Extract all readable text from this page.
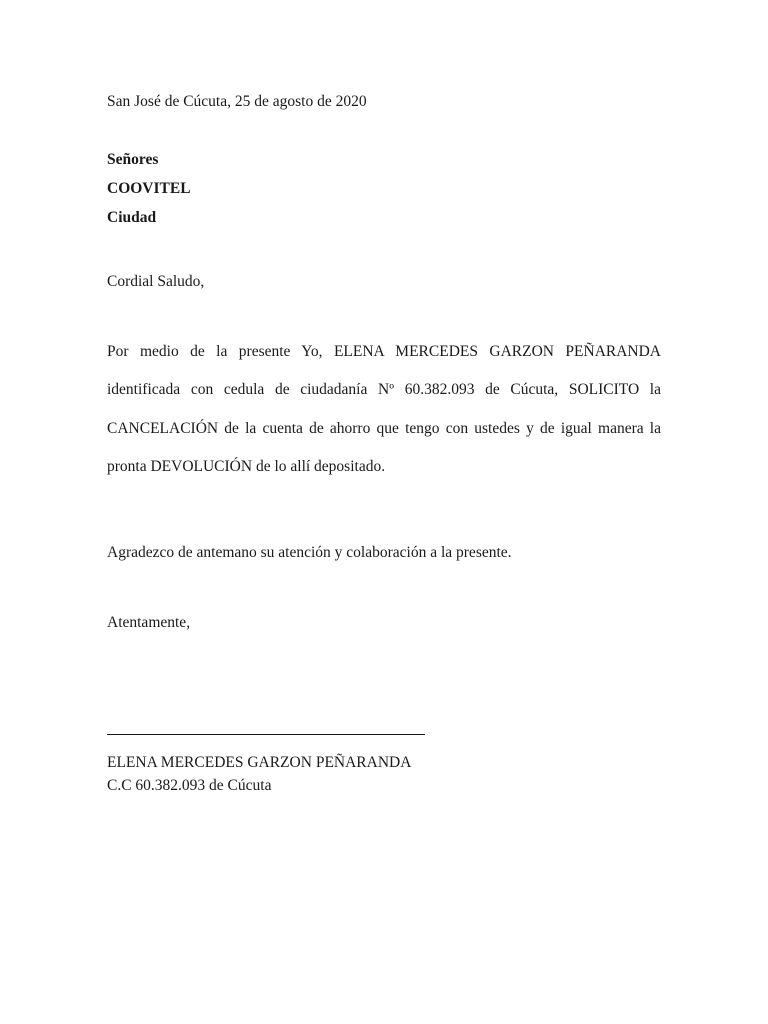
San José de Cúcuta, 25 de agosto de 2020
Señores
COOVITEL
Ciudad
Cordial Saludo,
Por medio de la presente Yo, ELENA MERCEDES GARZON PEÑARANDA
identificada con cedula de ciudadanía Nº 60.382.093 de Cúcuta, SOLICITO la
CANCELACIÓN de la cuenta de ahorro que tengo con ustedes y de igual manera la
pronta DEVOLUCIÓN de lo allí depositado.
Agradezco de antemano su atención y colaboración a la presente.
Atentamente,
ELENA MERCEDES GARZON PEÑARANDA
C.C 60.382.093 de Cúcuta
